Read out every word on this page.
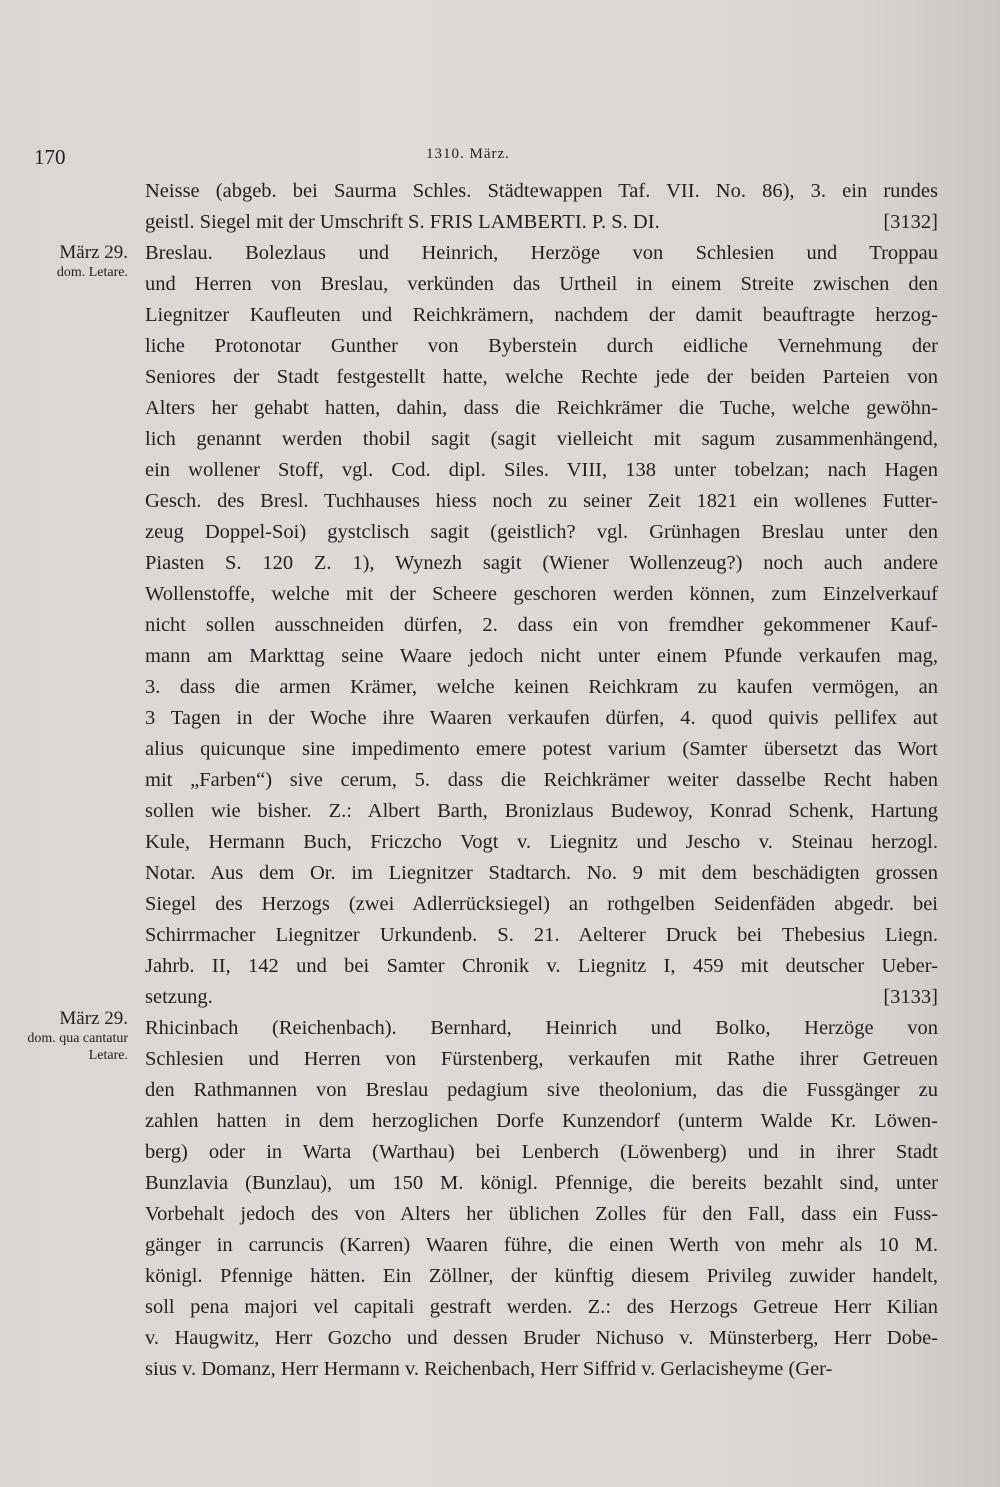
170	1310. März.
März 29.
dom. Letare.
März 29.
dom. qua cantatur Letare.
Neisse (abgeb. bei Saurma Schles. Städtewappen Taf. VII. No. 86), 3. ein rundes
geistl. Siegel mit der Umschrift S. FRIS LAMBERTI. P. S. DI.	[3132]
Breslau. Bolezlaus und Heinrich, Herzöge von Schlesien und Troppau
und Herren von Breslau, verkünden das Urtheil in einem Streite zwischen den
Liegnitzer Kaufleuten und Reichkrämern, nachdem der damit beauftragte herzog-
liche Protonotar Gunther von Byberstein durch eidliche Vernehmung der
Seniores der Stadt festgestellt hatte, welche Rechte jede der beiden Parteien von
Alters her gehabt hatten, dahin, dass die Reichkrämer die Tuche, welche gewöhn-
lich genannt werden thobil sagit (sagit vielleicht mit sagum zusammenhängend,
ein wollener Stoff, vgl. Cod. dipl. Siles. VIII, 138 unter tobelzan; nach Hagen
Gesch. des Bresl. Tuchhauses hiess noch zu seiner Zeit 1821 ein wollenes Futter-
zeug Doppel-Soi) gystclisch sagit (geistlich? vgl. Grünhagen Breslau unter den
Piasten S. 120 Z. 1), Wynezh sagit (Wiener Wollenzeug?) noch auch andere
Wollenstoffe, welche mit der Scheere geschoren werden können, zum Einzelverkauf
nicht sollen ausschneiden dürfen, 2. dass ein von fremdher gekommener Kauf-
mann am Markttag seine Waare jedoch nicht unter einem Pfunde verkaufen mag,
3. dass die armen Krämer, welche keinen Reichkram zu kaufen vermögen, an
3 Tagen in der Woche ihre Waaren verkaufen dürfen, 4. quod quivis pellifex aut
alius quicunque sine impedimento emere potest varium (Samter übersetzt das Wort
mit „Farben“) sive cerum, 5. dass die Reichkrämer weiter dasselbe Recht haben
sollen wie bisher. Z.: Albert Barth, Bronizlaus Budewoy, Konrad Schenk, Hartung
Kule, Hermann Buch, Friczcho Vogt v. Liegnitz und Jescho v. Steinau herzogl.
Notar. Aus dem Or. im Liegnitzer Stadtarch. No. 9 mit dem beschädigten grossen
Siegel des Herzogs (zwei Adlerrücksiegel) an rothgelben Seidenfäden abgedr. bei
Schirrmacher Liegnitzer Urkundenb. S. 21. Aelterer Druck bei Thebesius Liegn.
Jahrb. II, 142 und bei Samter Chronik v. Liegnitz I, 459 mit deutscher Ueber-
setzung.	[3133]
Rhicinbach (Reichenbach). Bernhard, Heinrich und Bolko, Herzöge von
Schlesien und Herren von Fürstenberg, verkaufen mit Rathe ihrer Getreuen
den Rathmannen von Breslau pedagium sive theolonium, das die Fussgänger zu
zahlen hatten in dem herzoglichen Dorfe Kunzendorf (unterm Walde Kr. Löwen-
berg) oder in Warta (Warthau) bei Lenberch (Löwenberg) und in ihrer Stadt
Bunzlavia (Bunzlau), um 150 M. königl. Pfennige, die bereits bezahlt sind, unter
Vorbehalt jedoch des von Alters her üblichen Zolles für den Fall, dass ein Fuss-
gänger in carruncis (Karren) Waaren führe, die einen Werth von mehr als 10 M.
königl. Pfennige hätten. Ein Zöllner, der künftig diesem Privileg zuwider handelt,
soll pena majori vel capitali gestraft werden. Z.: des Herzogs Getreue Herr Kilian
v. Haugwitz, Herr Gozcho und dessen Bruder Nichuso v. Münsterberg, Herr Dobe-
sius v. Domanz, Herr Hermann v. Reichenbach, Herr Siffrid v. Gerlacisheyme (Ger-
